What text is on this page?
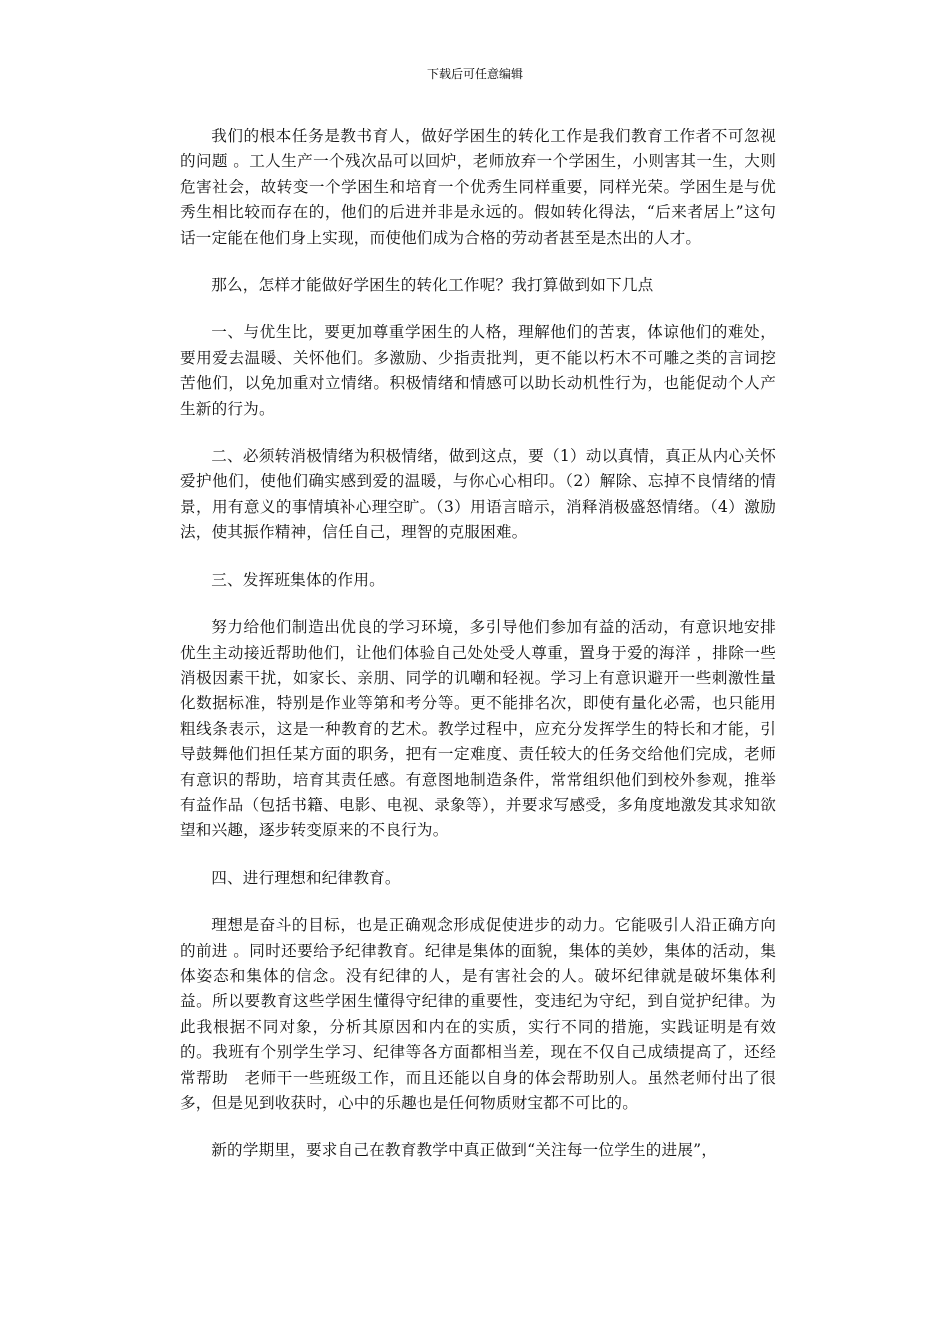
下载后可任意编辑

我们的根本任务是教书育人，做好学困生的转化工作是我们教育工作者不可忽视的问题 。工人生产一个残次品可以回炉，老师放弃一个学困生，小则害其一生，大则危害社会，故转变一个学困生和培育一个优秀生同样重要，同样光荣。学困生是与优秀生相比较而存在的，他们的后进并非是永远的。假如转化得法，“后来者居上”这句话一定能在他们身上实现，而使他们成为合格的劳动者甚至是杰出的人才。

那么，怎样才能做好学困生的转化工作呢？我打算做到如下几点

一、与优生比，要更加尊重学困生的人格，理解他们的苦衷，体谅他们的难处，要用爱去温暖、关怀他们。多激励、少指责批判，更不能以朽木不可雕之类的言词挖苦他们，以免加重对立情绪。积极情绪和情感可以助长动机性行为，也能促动个人产生新的行为。

二、必须转消极情绪为积极情绪，做到这点，要（1）动以真情，真正从内心关怀爱护他们，使他们确实感到爱的温暖，与你心心相印。（2）解除、忘掉不良情绪的情景，用有意义的事情填补心理空旷。（3）用语言暗示，消释消极盛怒情绪。（4）激励法，使其振作精神，信任自己，理智的克服困难。

三、发挥班集体的作用。

努力给他们制造出优良的学习环境，多引导他们参加有益的活动，有意识地安排优生主动接近帮助他们，让他们体验自己处处受人尊重，置身于爱的海洋 ，排除一些消极因素干扰，如家长、亲朋、同学的讥嘲和轻视。学习上有意识避开一些刺激性量化数据标准，特别是作业等第和考分等。更不能排名次，即使有量化必需，也只能用粗线条表示，这是一种教育的艺术。教学过程中，应充分发挥学生的特长和才能，引导鼓舞他们担任某方面的职务，把有一定难度、责任较大的任务交给他们完成，老师有意识的帮助，培育其责任感。有意图地制造条件，常常组织他们到校外参观，推举有益作品（包括书籍、电影、电视、录象等），并要求写感受，多角度地激发其求知欲望和兴趣，逐步转变原来的不良行为。

四、进行理想和纪律教育。

理想是奋斗的目标，也是正确观念形成促使进步的动力。它能吸引人沿正确方向的前进 。同时还要给予纪律教育。纪律是集体的面貌，集体的美妙，集体的活动，集体姿态和集体的信念。没有纪律的人，是有害社会的人。破坏纪律就是破坏集体利益。所以要教育这些学困生懂得守纪律的重要性，变违纪为守纪，到自觉护纪律。为此我根据不同对象，分析其原因和内在的实质，实行不同的措施，实践证明是有效的。我班有个别学生学习、纪律等各方面都相当差，现在不仅自己成绩提高了，还经　常帮助　老师干一些班级工作，而且还能以自身的体会帮助别人。虽然老师付出了很多，但是见到收获时，心中的乐趣也是任何物质财宝都不可比的。

新的学期里，要求自己在教育教学中真正做到“关注每一位学生的进展”，
